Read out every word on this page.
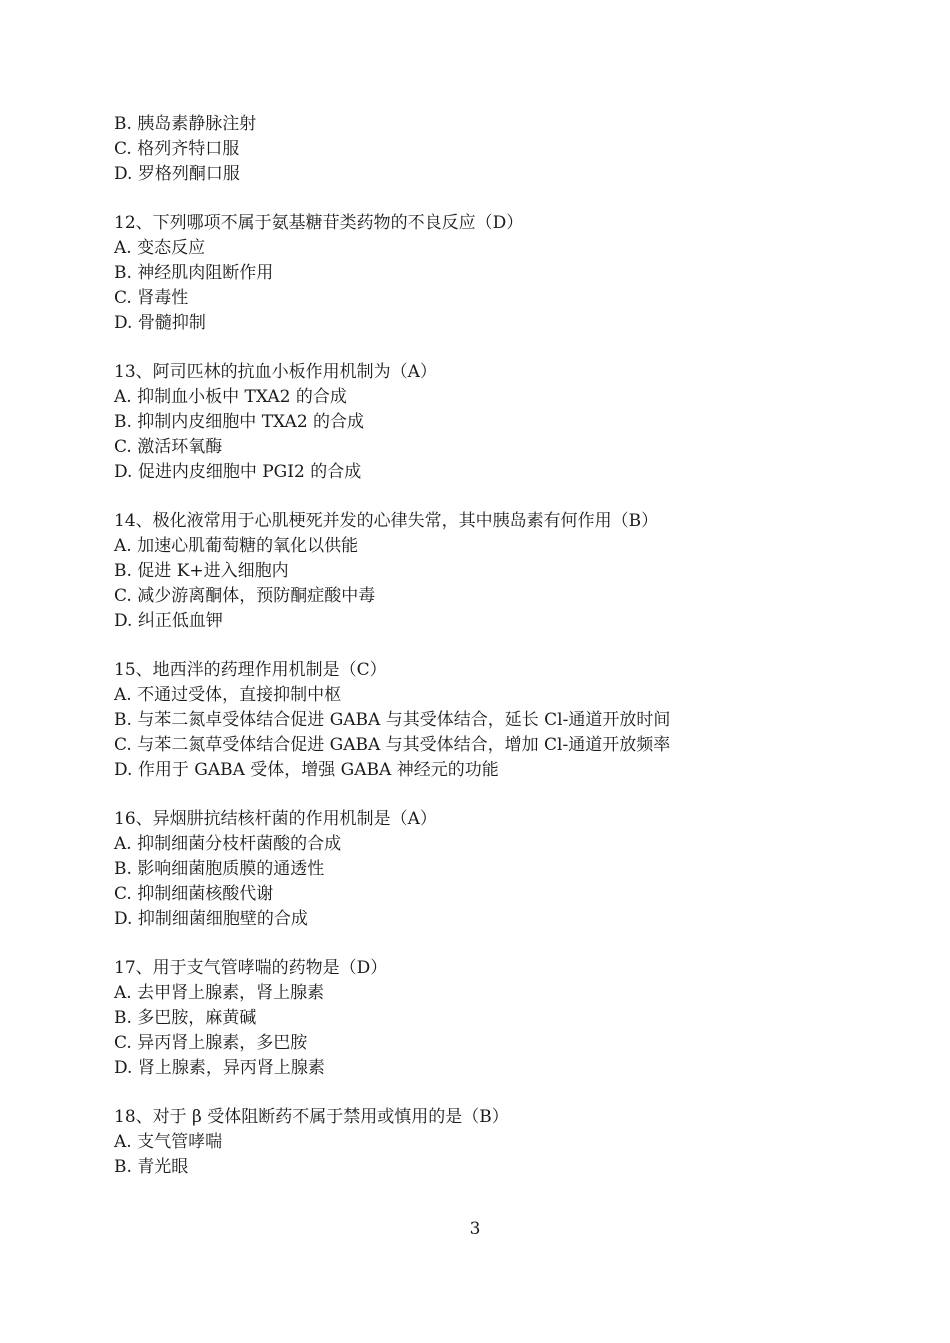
B. 胰岛素静脉注射
C. 格列齐特口服
D. 罗格列酮口服
12、下列哪项不属于氨基糖苷类药物的不良反应（D）
A. 变态反应
B. 神经肌肉阻断作用
C. 肾毒性
D. 骨髓抑制
13、阿司匹林的抗血小板作用机制为（A）
A. 抑制血小板中 TXA2 的合成
B. 抑制内皮细胞中 TXA2 的合成
C. 激活环氧酶
D. 促进内皮细胞中 PGI2 的合成
14、极化液常用于心肌梗死并发的心律失常，其中胰岛素有何作用（B）
A. 加速心肌葡萄糖的氧化以供能
B. 促进 K+进入细胞内
C. 减少游离酮体，预防酮症酸中毒
D. 纠正低血钾
15、地西泮的药理作用机制是（C）
A. 不通过受体，直接抑制中枢
B. 与苯二氮卓受体结合促进 GABA 与其受体结合，延长 Cl-通道开放时间
C. 与苯二氮草受体结合促进 GABA 与其受体结合，增加 Cl-通道开放频率
D. 作用于 GABA 受体，增强 GABA 神经元的功能
16、异烟肼抗结核杆菌的作用机制是（A）
A. 抑制细菌分枝杆菌酸的合成
B. 影响细菌胞质膜的通透性
C. 抑制细菌核酸代谢
D. 抑制细菌细胞壁的合成
17、用于支气管哮喘的药物是（D）
A. 去甲肾上腺素，肾上腺素
B. 多巴胺，麻黄碱
C. 异丙肾上腺素，多巴胺
D. 肾上腺素，异丙肾上腺素
18、对于 β 受体阻断药不属于禁用或慎用的是（B）
A. 支气管哮喘
B. 青光眼
3
